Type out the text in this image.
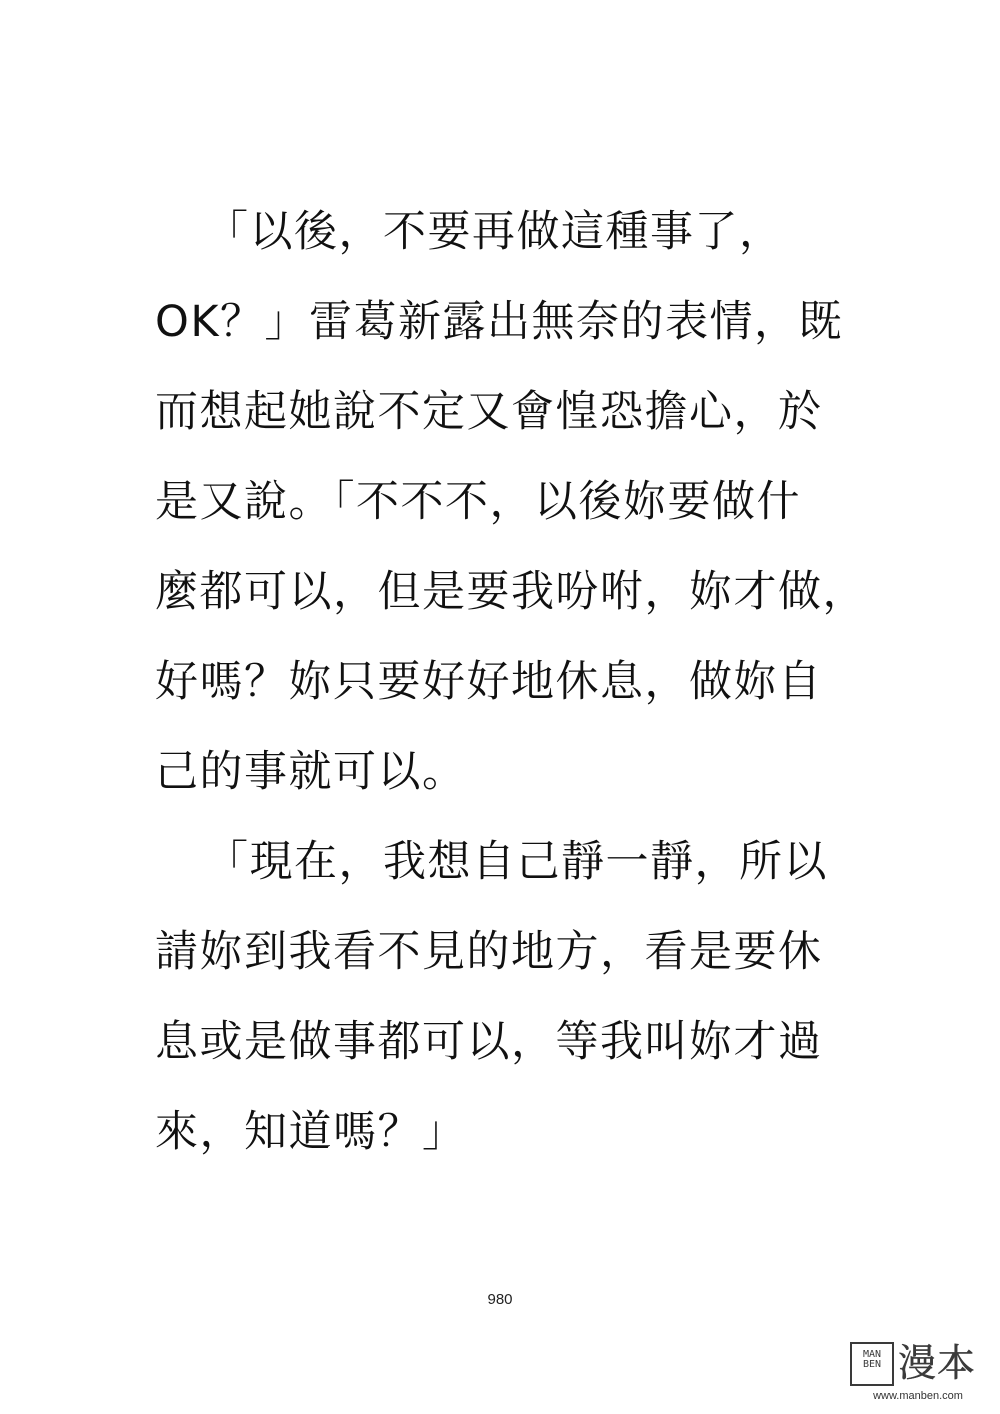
「以後，不要再做這種事了，
OK？」雷葛新露出無奈的表情，既
而想起她說不定又會惶恐擔心，於
是又說。「不不不，以後妳要做什
麼都可以，但是要我吩咐，妳才做，
好嗎？妳只要好好地休息，做妳自
己的事就可以。
「現在，我想自己靜一靜，所以
請妳到我看不見的地方，看是要休
息或是做事都可以，等我叫妳才過
來，知道嗎？」
980
MAN BEN 漫本
www.manben.com
